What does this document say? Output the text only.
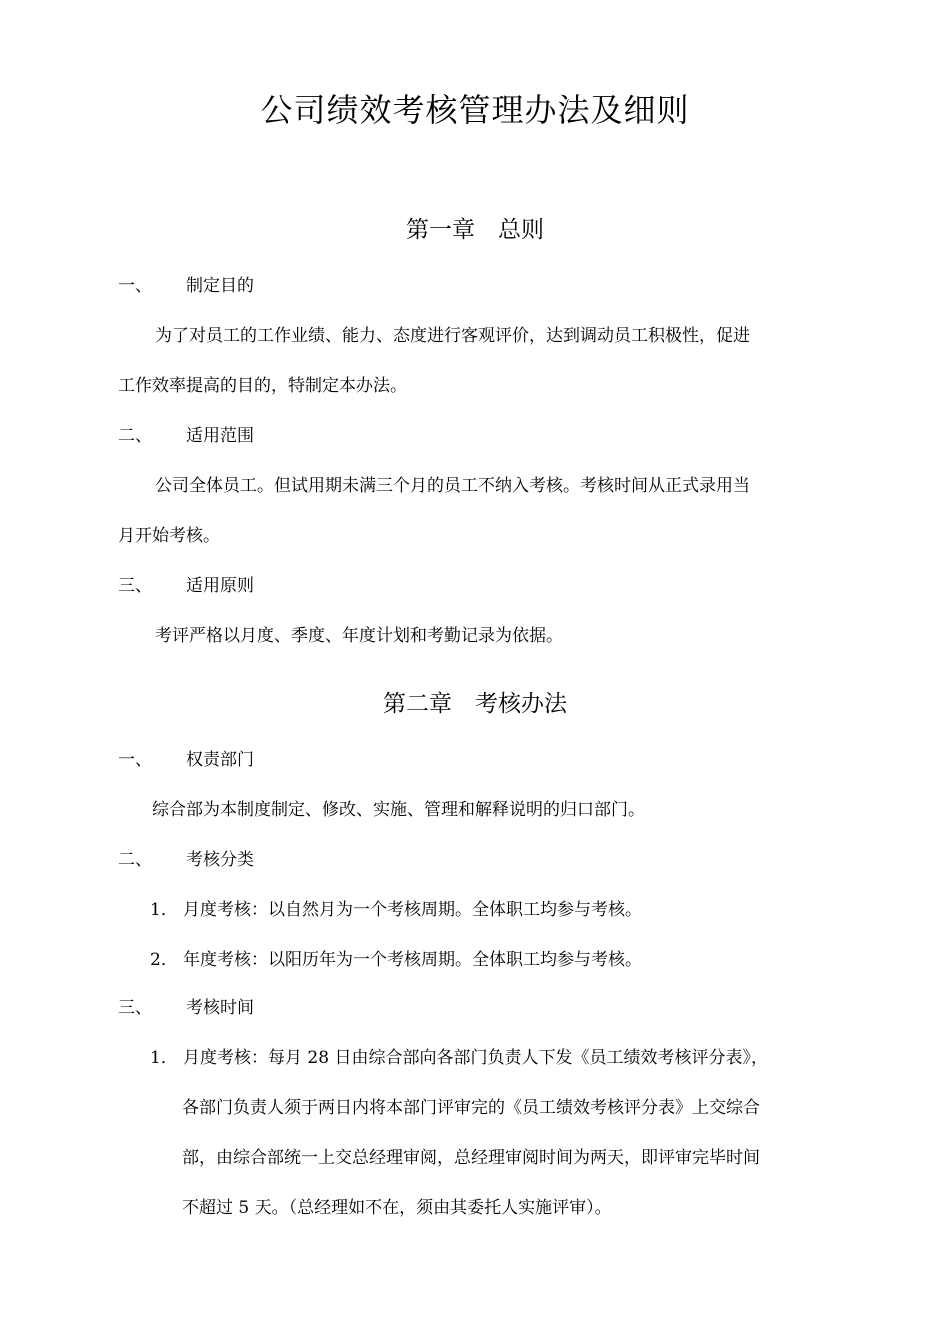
公司绩效考核管理办法及细则
第一章　总则
一、 制定目的
为了对员工的工作业绩、能力、态度进行客观评价，达到调动员工积极性，促进
工作效率提高的目的，特制定本办法。
二、 适用范围
公司全体员工。但试用期未满三个月的员工不纳入考核。考核时间从正式录用当
月开始考核。
三、 适用原则
考评严格以月度、季度、年度计划和考勤记录为依据。
第二章　考核办法
一、 权责部门
综合部为本制度制定、修改、实施、管理和解释说明的归口部门。
二、 考核分类
1． 月度考核：以自然月为一个考核周期。全体职工均参与考核。
2． 年度考核：以阳历年为一个考核周期。全体职工均参与考核。
三、 考核时间
1． 月度考核：每月 28 日由综合部向各部门负责人下发《员工绩效考核评分表》，
各部门负责人须于两日内将本部门评审完的《员工绩效考核评分表》上交综合
部，由综合部统一上交总经理审阅，总经理审阅时间为两天，即评审完毕时间
不超过 5 天。（总经理如不在，须由其委托人实施评审）。
